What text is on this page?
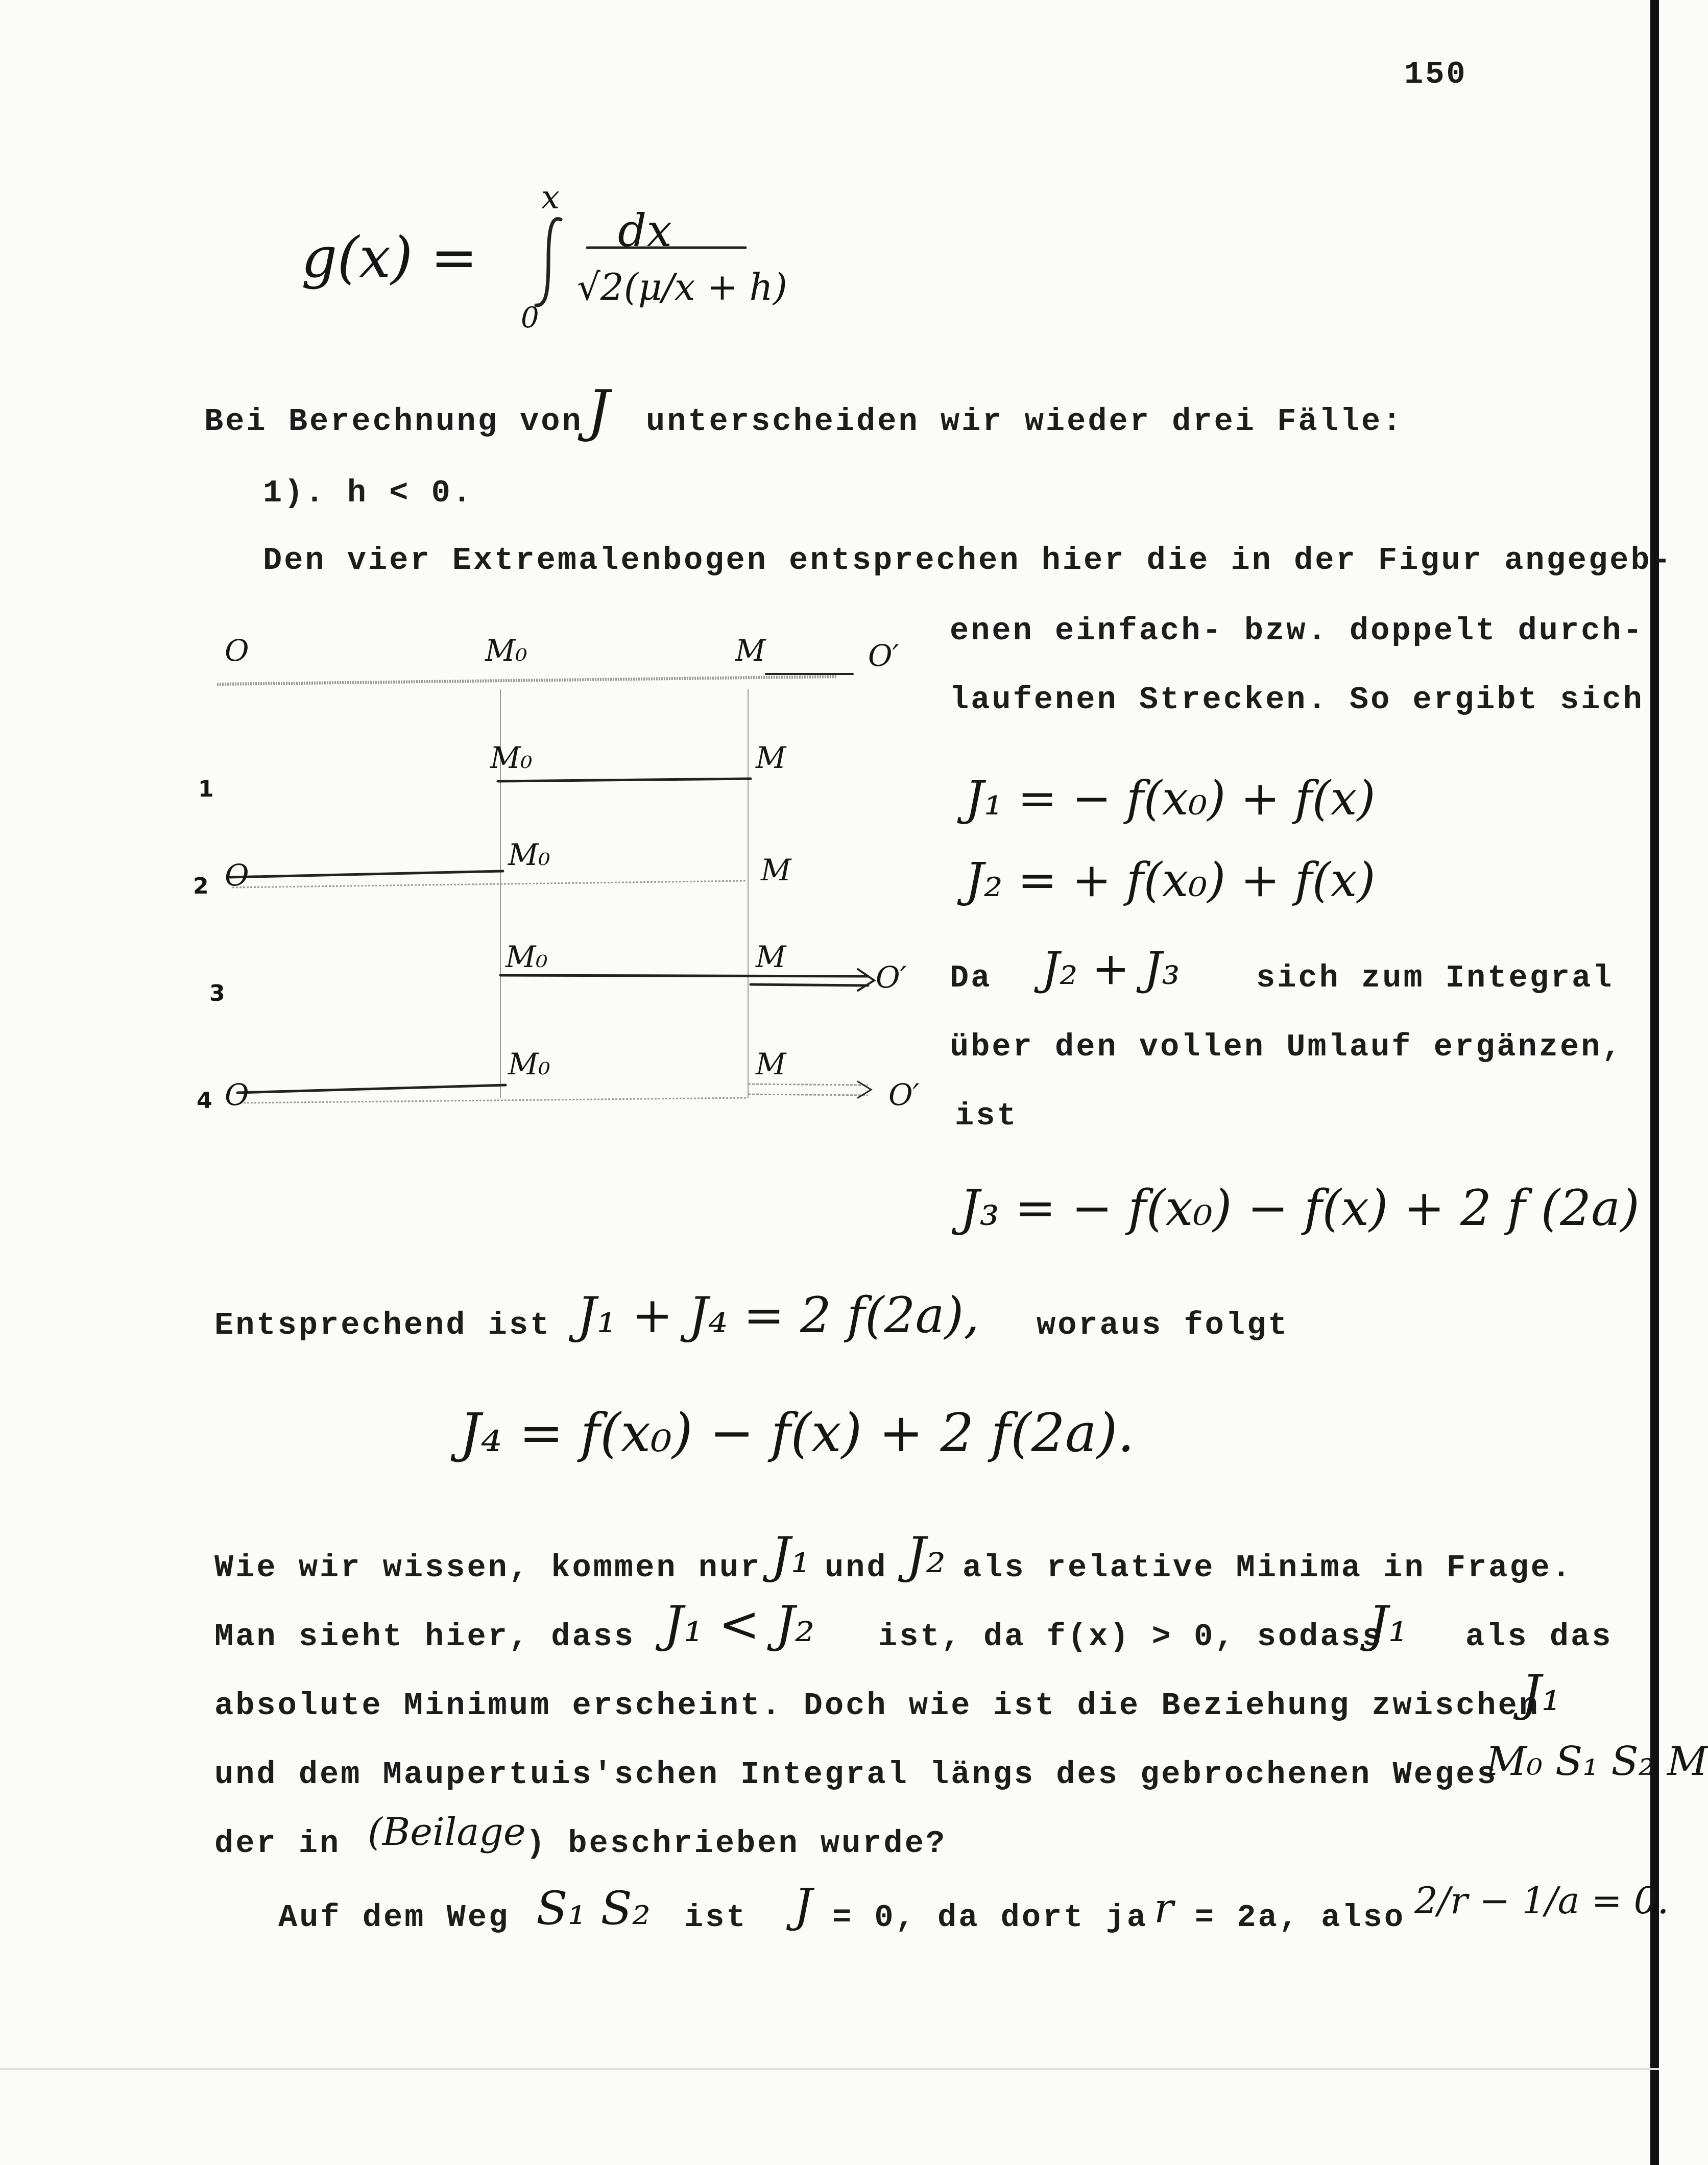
150
g(x) =
x
0
dx
√2(μ/x + h)
Bei Berechnung von J unterscheiden wir wieder drei Fälle:
1). h < 0.
Den vier Extremalenbogen entsprechen hier die in der Figur angegeb-
enen einfach- bzw. doppelt durch-
laufenen Strecken. So ergibt sich
O	M₀	M	O′
1
M₀	M
2 O
M₀	M
3
M₀	M
O′
4 O
M₀	M
O′
J₁ = − f(x₀) + f(x)
J₂ = + f(x₀) + f(x)
Da J₂ + J₃ sich zum Integral
über den vollen Umlauf ergänzen,
ist
J₃ = − f(x₀) − f(x) + 2 f (2a)
Entsprechend ist J₁ + J₄ = 2 f(2a), woraus folgt
J₄ = f(x₀) − f(x) + 2 f(2a).
Wie wir wissen, kommen nur J₁ und J₂ als relative Minima in Frage.
Man sieht hier, dass J₁ < J₂ ist, da f(x) > 0, sodass
J₁ als das
absolute Minimum erscheint. Doch wie ist die Beziehung zwischen
J₁
und dem Maupertuis'schen Integral längs des gebrochenen Weges
M₀ S₁ S₂ M
der in (Beilage ) beschrieben wurde?
Auf dem Weg S₁ S₂ ist J = 0, da dort ja r = 2a, also 2/r − 1/a = 0.
